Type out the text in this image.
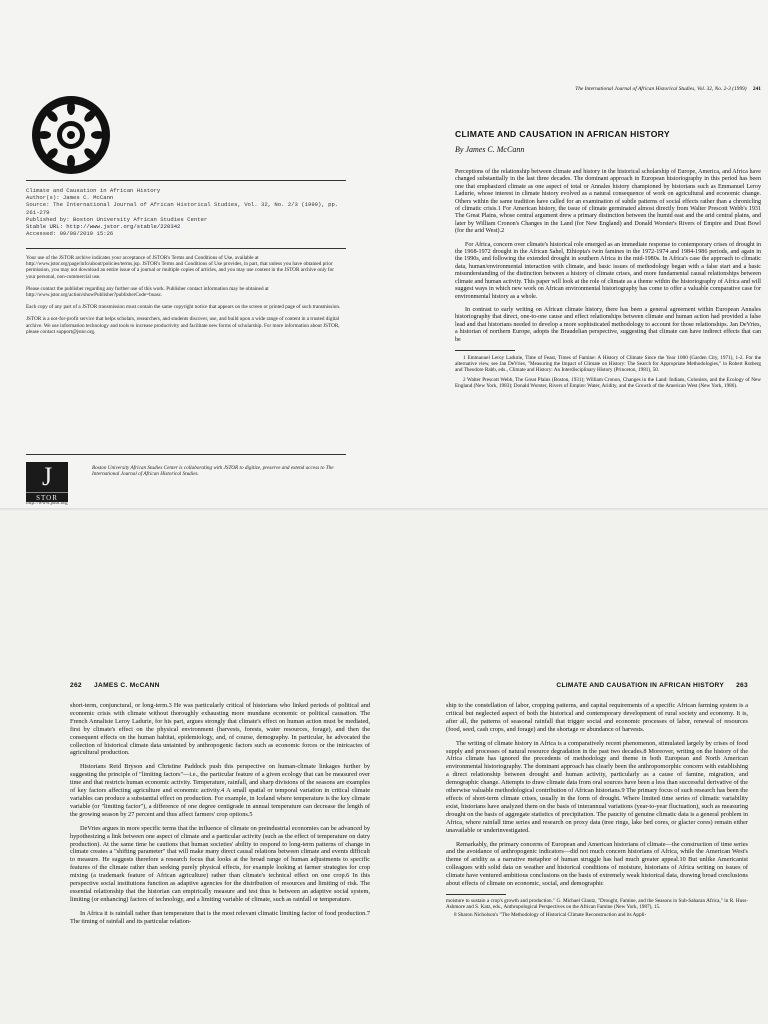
Climate and Causation in African History
Author(s): James C. McCann
Source: The International Journal of African Historical Studies, Vol. 32, No. 2/3 (1999), pp. 261-279
Published by: Boston University African Studies Center
Stable URL: http://www.jstor.org/stable/220342
Accessed: 09/08/2010 15:26

Your use of the JSTOR archive indicates your acceptance of JSTOR's Terms and Conditions of Use, available at http://www.jstor.org/page/info/about/policies/terms.jsp. JSTOR's Terms and Conditions of Use provides, in part, that unless you have obtained prior permission, you may not download an entire issue of a journal or multiple copies of articles, and you may use content in the JSTOR archive only for your personal, non-commercial use.

Please contact the publisher regarding any further use of this work. Publisher contact information may be obtained at http://www.jstor.org/action/showPublisher?publisherCode=buasc.

Each copy of any part of a JSTOR transmission must contain the same copyright notice that appears on the screen or printed page of such transmission.

JSTOR is a not-for-profit service that helps scholars, researchers, and students discover, use, and build upon a wide range of content in a trusted digital archive. We use information technology and tools to increase productivity and facilitate new forms of scholarship. For more information about JSTOR, please contact support@jstor.org.

J
STOR
Boston University African Studies Center is collaborating with JSTOR to digitize, preserve and extend access to The International Journal of African Historical Studies.
http://www.jstor.org
The International Journal of African Historical Studies, Vol. 32, No. 2-3 (1999) 241
CLIMATE AND CAUSATION IN AFRICAN HISTORY
By James C. McCann

Perceptions of the relationship between climate and history in the historical scholarship of Europe, America, and Africa have changed substantially in the last three decades. The dominant approach in European historiography in this period has been one that emphasized climate as one aspect of total or Annales history championed by historians such as Emmanuel Leroy Ladurie, whose interest in climate history evolved as a natural consequence of work on agricultural and economic change. Others within the same tradition have called for an examination of subtle patterns of social effects rather than a chronicling of climatic crisis.1 For American history, the issue of climate germinated almost directly from Walter Prescott Webb's 1931 The Great Plains, whose central argument drew a primary distinction between the humid east and the arid central plains, and later by William Cronon's Changes in the Land (for New England) and Donald Worster's Rivers of Empire and Dust Bowl (for the arid West).2

For Africa, concern over climate's historical role emerged as an immediate response to contemporary crises of drought in the 1968-1972 drought in the African Sahel, Ethiopia's twin famines in the 1972-1974 and 1984-1986 periods, and again in the 1990s, and following the extended drought in southern Africa in the mid-1980s. In Africa's case the approach to climatic data, human/environmental interaction with climate, and basic issues of methodology began with a false start and a basic misunderstanding of the distinction between a history of climate crises, and more fundamental causal relationships between climate and human activity. This paper will look at the role of climate as a theme within the historiography of Africa and will suggest ways in which new work on African environmental historiography has come to offer a valuable comparative case for environmental history as a whole.

In contrast to early writing on African climate history, there has been a general agreement within European Annales historiography that direct, one-to-one cause and effect relationships between climate and human action had provided a false lead and that historians needed to develop a more sophisticated methodology to account for those relationships. Jan DeVries, a historian of northern Europe, adopts the Braudelian perspective, suggesting that climate can have indirect effects that can be

1 Emmanuel Leroy Ladurie, Time of Feast, Times of Famine: A History of Climate Since the Year 1000 (Garden City, 1971), 1-2. For the alternative view, see Jan DeVries, "Measuring the Impact of Climate on History: The Search for Appropriate Methodologies," in Robert Rotberg and Theodore Rabb, eds., Climate and History: An Interdisciplinary History (Princeton, 1981), 50.

2 Walter Prescott Webb, The Great Plains (Boston, 1931); William Cronon, Changes in the Land: Indians, Colonists, and the Ecology of New England (New York, 1983); Donald Worster, Rivers of Empire: Water, Aridity, and the Growth of the American West (New York, 1986).

262 JAMES C. McCANN

short-term, conjunctural, or long-term.3 He was particularly critical of historians who linked periods of political and economic crisis with climate without thoroughly exhausting more mundane economic or political causation. The French Annaliste Leroy Ladurie, for his part, argues strongly that climate's effect on human action must be mediated, first by climate's effect on the physical environment (harvests, forests, water resources, forage), and then the consequent effects on the human habitat, epidemiology, and, of course, demography. In particular, he advocated the collection of historical climate data untainted by anthropogenic factors such as economic forces or the intricacies of agricultural production.

Historians Reid Bryson and Christine Paddock push this perspective on human-climate linkages further by suggesting the principle of "limiting factors"—i.e., the particular feature of a given ecology that can be measured over time and that restricts human economic activity. Temperature, rainfall, and sharp divisions of the seasons are examples of key factors affecting agriculture and economic activity.4 A small spatial or temporal variation in critical climate variables can produce a substantial effect on production. For example, in Iceland where temperature is the key climate variable (or "limiting factor"), a difference of one degree centigrade in annual temperature can decrease the length of the growing season by 27 percent and thus affect farmers' crop options.5

DeVries argues in more specific terms that the influence of climate on preindustrial economies can be advanced by hypothesizing a link between one aspect of climate and a particular activity (such as the effect of temperature on dairy production). At the same time he cautions that human societies' ability to respond to long-term patterns of change in climate creates a "shifting parameter" that will make many direct causal relations between climate and events difficult to measure. He suggests therefore a research focus that looks at the broad range of human adjustments to specific features of the climate rather than seeking purely physical effects, for example looking at farmer strategies for crop mixing (a trademark feature of African agriculture) rather than climate's technical effect on one crop.6 In this perspective social institutions function as adaptive agencies for the distribution of resources and limiting of risk. The essential relationship that the historian can empirically measure and test thus is between an adaptive social system, limiting (or enhancing) factors of technology, and a limiting variable of climate, such as rainfall or temperature.

In Africa it is rainfall rather than temperature that is the most relevant climatic limiting factor of food production.7 The timing of rainfall and its particular relation-

CLIMATE AND CAUSATION IN AFRICAN HISTORY 263

ship to the constellation of labor, cropping patterns, and capital requirements of a specific African farming system is a critical but neglected aspect of both the historical and contemporary development of rural society and economy. It is, after all, the patterns of seasonal rainfall that trigger social and economic processes of labor, renewal of resources (food, seed, cash crops, and forage) and the shortage or abundance of harvests.

The writing of climate history in Africa is a comparatively recent phenomenon, stimulated largely by crises of food supply and processes of natural resource degradation in the past two decades.8 Moreover, writing on the history of the Africa climate has ignored the precedents of methodology and theme in both European and North American environmental historiography. The dominant approach has clearly been the anthropomorphic concern with establishing a direct relationship between drought and human activity, particularly as a cause of famine, migration, and demographic change. Attempts to draw climate data from oral sources have been a less than successful derivative of the otherwise valuable methodological contribution of African historians.9 The primary focus of such research has been the effects of short-term climate crises, usually in the form of drought. Where limited time series of climatic variability exist, historians have analyzed them on the basis of interannual variations (year-to-year fluctuation), such as measuring drought on the basis of aggregate statistics of precipitation. The paucity of genuine climatic data is a general problem in Africa, where rainfall time series and research on proxy data (tree rings, lake bed cores, or glacier cores) remain either unavailable or underinvestigated.

Remarkably, the primary concerns of European and American historians of climate—the construction of time series and the avoidance of anthropogenic indicators—did not much concern historians of Africa, while the American West's theme of aridity as a narrative metaphor of human struggle has had much greater appeal.10 But unlike Americanist colleagues with solid data on weather and historical conditions of moisture, historians of Africa writing on issues of climate have ventured ambitious conclusions on the basis of extremely weak historical data, drawing broad conclusions about effects of climate on economic, social, and demographic

moisture to sustain a crop's growth and production." G. Michael Glantz, "Drought, Famine, and the Seasons in Sub-Saharan Africa," in R. Huss-Ashmore and S. Katz, eds., Anthropological Perspectives on the African Famine (New York, 1987), 15.

8 Sharon Nicholson's "The Methodology of Historical Climate Reconstruction and its Appli-
